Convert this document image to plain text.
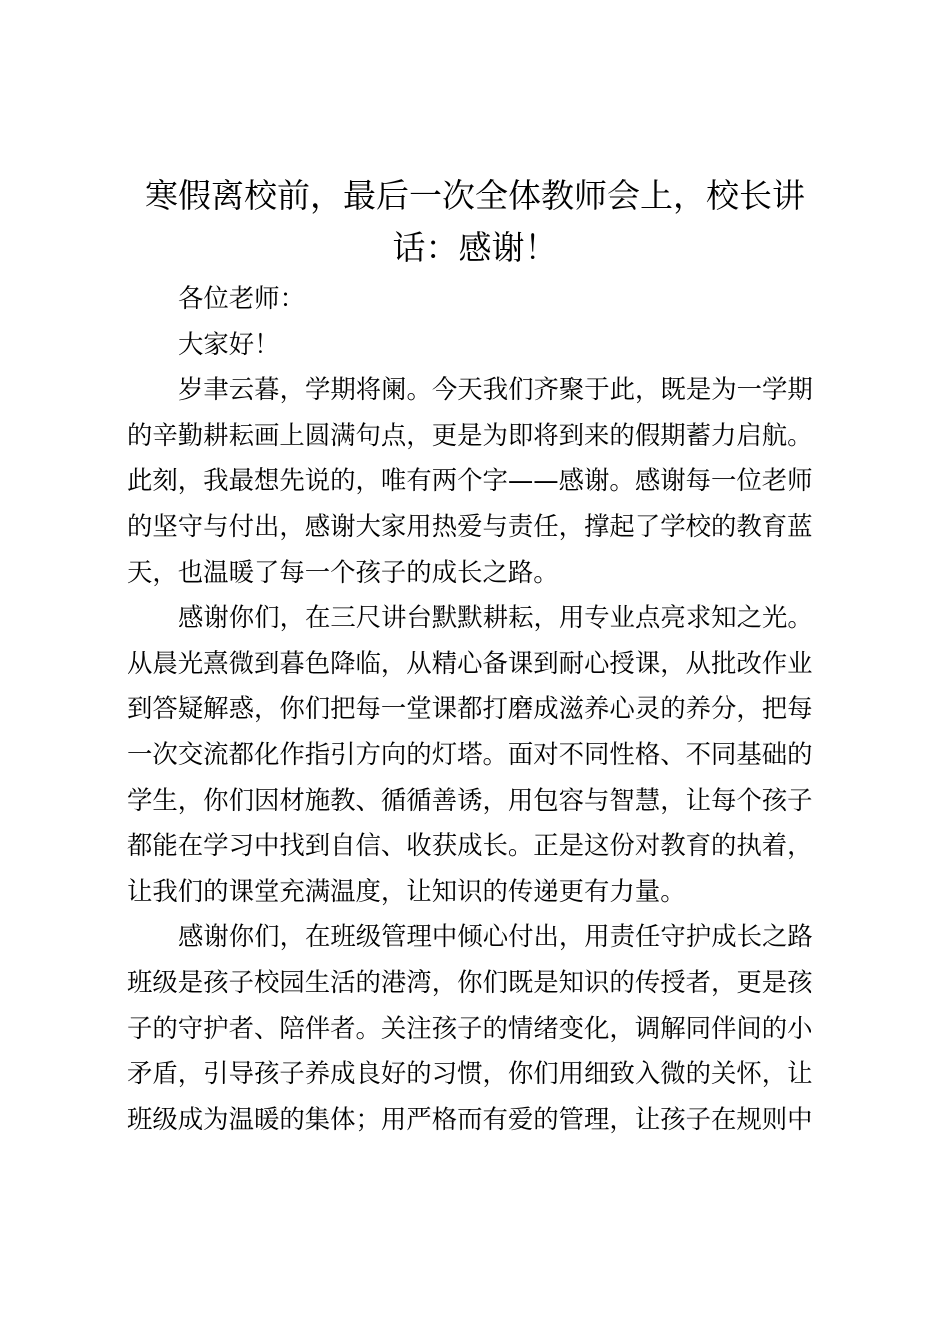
寒假离校前，最后一次全体教师会上，校长讲
话：感谢！
各位老师：
大家好！
岁聿云暮，学期将阑。今天我们齐聚于此，既是为一学期
的辛勤耕耘画上圆满句点，更是为即将到来的假期蓄力启航。
此刻，我最想先说的，唯有两个字——感谢。感谢每一位老师
的坚守与付出，感谢大家用热爱与责任，撑起了学校的教育蓝
天，也温暖了每一个孩子的成长之路。
感谢你们，在三尺讲台默默耕耘，用专业点亮求知之光。
从晨光熹微到暮色降临，从精心备课到耐心授课，从批改作业
到答疑解惑，你们把每一堂课都打磨成滋养心灵的养分，把每
一次交流都化作指引方向的灯塔。面对不同性格、不同基础的
学生，你们因材施教、循循善诱，用包容与智慧，让每个孩子
都能在学习中找到自信、收获成长。正是这份对教育的执着，
让我们的课堂充满温度，让知识的传递更有力量。
感谢你们，在班级管理中倾心付出，用责任守护成长之路
班级是孩子校园生活的港湾，你们既是知识的传授者，更是孩
子的守护者、陪伴者。关注孩子的情绪变化，调解同伴间的小
矛盾，引导孩子养成良好的习惯，你们用细致入微的关怀，让
班级成为温暖的集体；用严格而有爱的管理，让孩子在规则中
